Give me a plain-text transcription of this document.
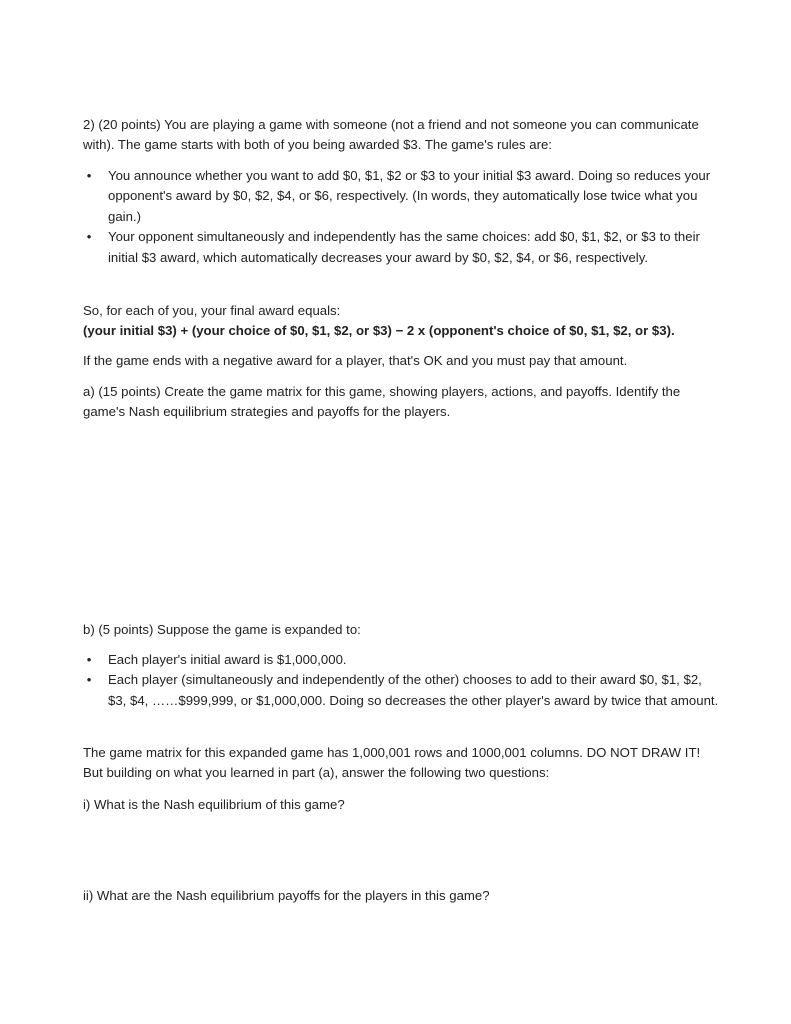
2) (20 points) You are playing a game with someone (not a friend and not someone you can communicate with). The game starts with both of you being awarded $3. The game's rules are:

• You announce whether you want to add $0, $1, $2 or $3 to your initial $3 award. Doing so reduces your opponent's award by $0, $2, $4, or $6, respectively. (In words, they automatically lose twice what you gain.)
• Your opponent simultaneously and independently has the same choices: add $0, $1, $2, or $3 to their initial $3 award, which automatically decreases your award by $0, $2, $4, or $6, respectively.

So, for each of you, your final award equals:

(your initial $3) + (your choice of $0, $1, $2, or $3) − 2 x (opponent's choice of $0, $1, $2, or $3).

If the game ends with a negative award for a player, that's OK and you must pay that amount.

a) (15 points) Create the game matrix for this game, showing players, actions, and payoffs. Identify the game's Nash equilibrium strategies and payoffs for the players.

b) (5 points) Suppose the game is expanded to:

• Each player's initial award is $1,000,000.
• Each player (simultaneously and independently of the other) chooses to add to their award $0, $1, $2, $3, $4, ……$999,999, or $1,000,000. Doing so decreases the other player's award by twice that amount.

The game matrix for this expanded game has 1,000,001 rows and 1000,001 columns. DO NOT DRAW IT! But building on what you learned in part (a), answer the following two questions:

i) What is the Nash equilibrium of this game?

ii) What are the Nash equilibrium payoffs for the players in this game?
